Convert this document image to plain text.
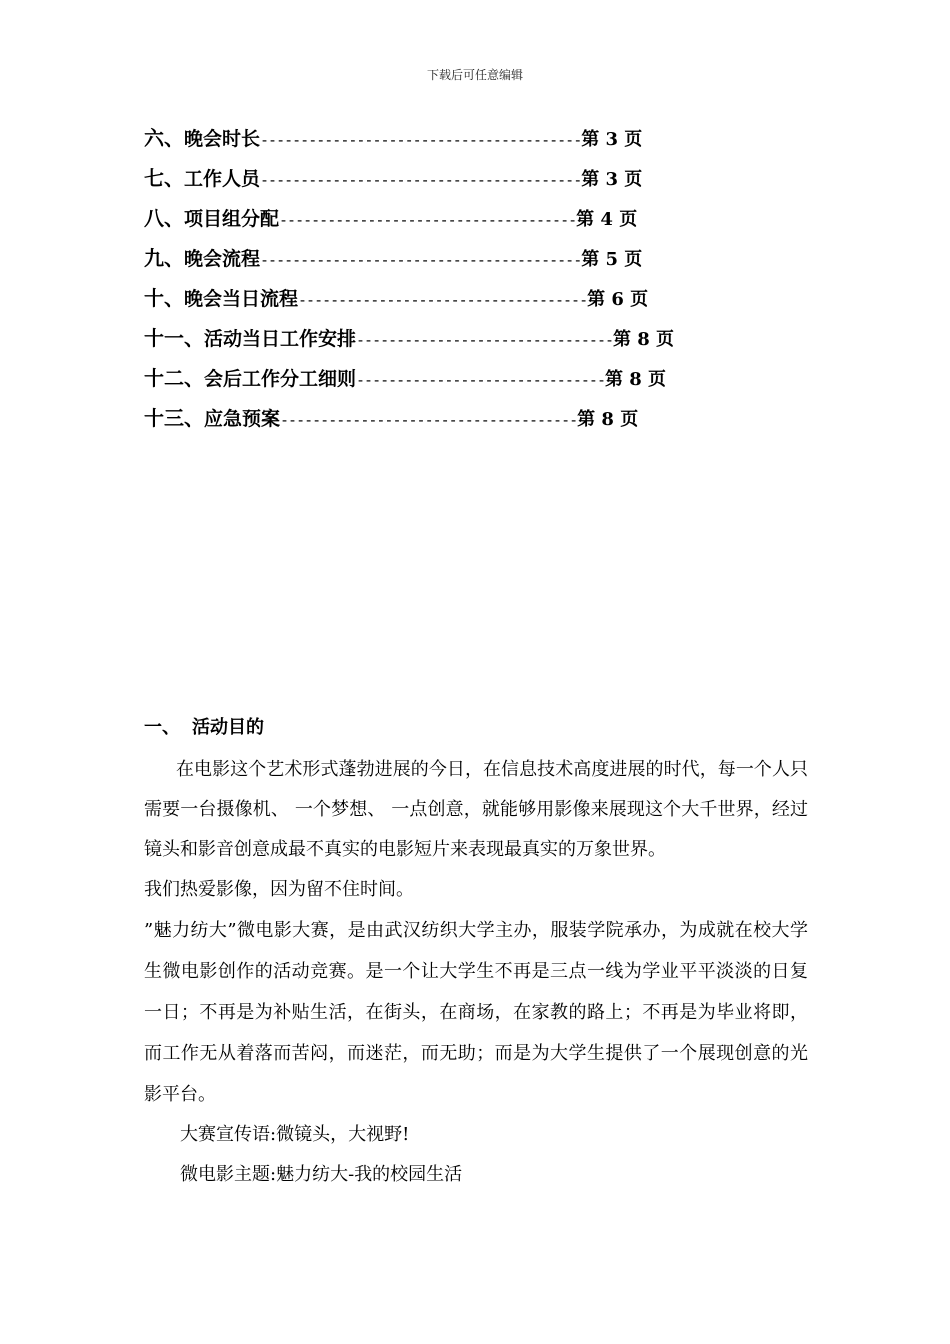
下载后可任意编辑
六、晚会时长----------------------------------------第 3 页
七、工作人员----------------------------------------第 3 页
八、项目组分配-------------------------------------第 4 页
九、晚会流程----------------------------------------第 5 页
十、晚会当日流程------------------------------------第 6 页
十一、活动当日工作安排--------------------------------第 8 页
十二、会后工作分工细则-------------------------------第 8 页
十三、应急预案-------------------------------------第 8 页
一、 活动目的

在电影这个艺术形式蓬勃进展的今日，在信息技术高度进展的时代，每一个人只需要一台摄像机、 一个梦想、 一点创意，就能够用影像来展现这个大千世界，经过镜头和影音创意成最不真实的电影短片来表现最真实的万象世界。

我们热爱影像，因为留不住时间。

”魅力纺大”微电影大赛，是由武汉纺织大学主办，服装学院承办，为成就在校大学生微电影创作的活动竞赛。是一个让大学生不再是三点一线为学业平平淡淡的日复一日；不再是为补贴生活，在街头，在商场，在家教的路上；不再是为毕业将即，而工作无从着落而苦闷，而迷茫，而无助；而是为大学生提供了一个展现创意的光影平台。

大赛宣传语:微镜头，大视野!

微电影主题:魅力纺大-我的校园生活
